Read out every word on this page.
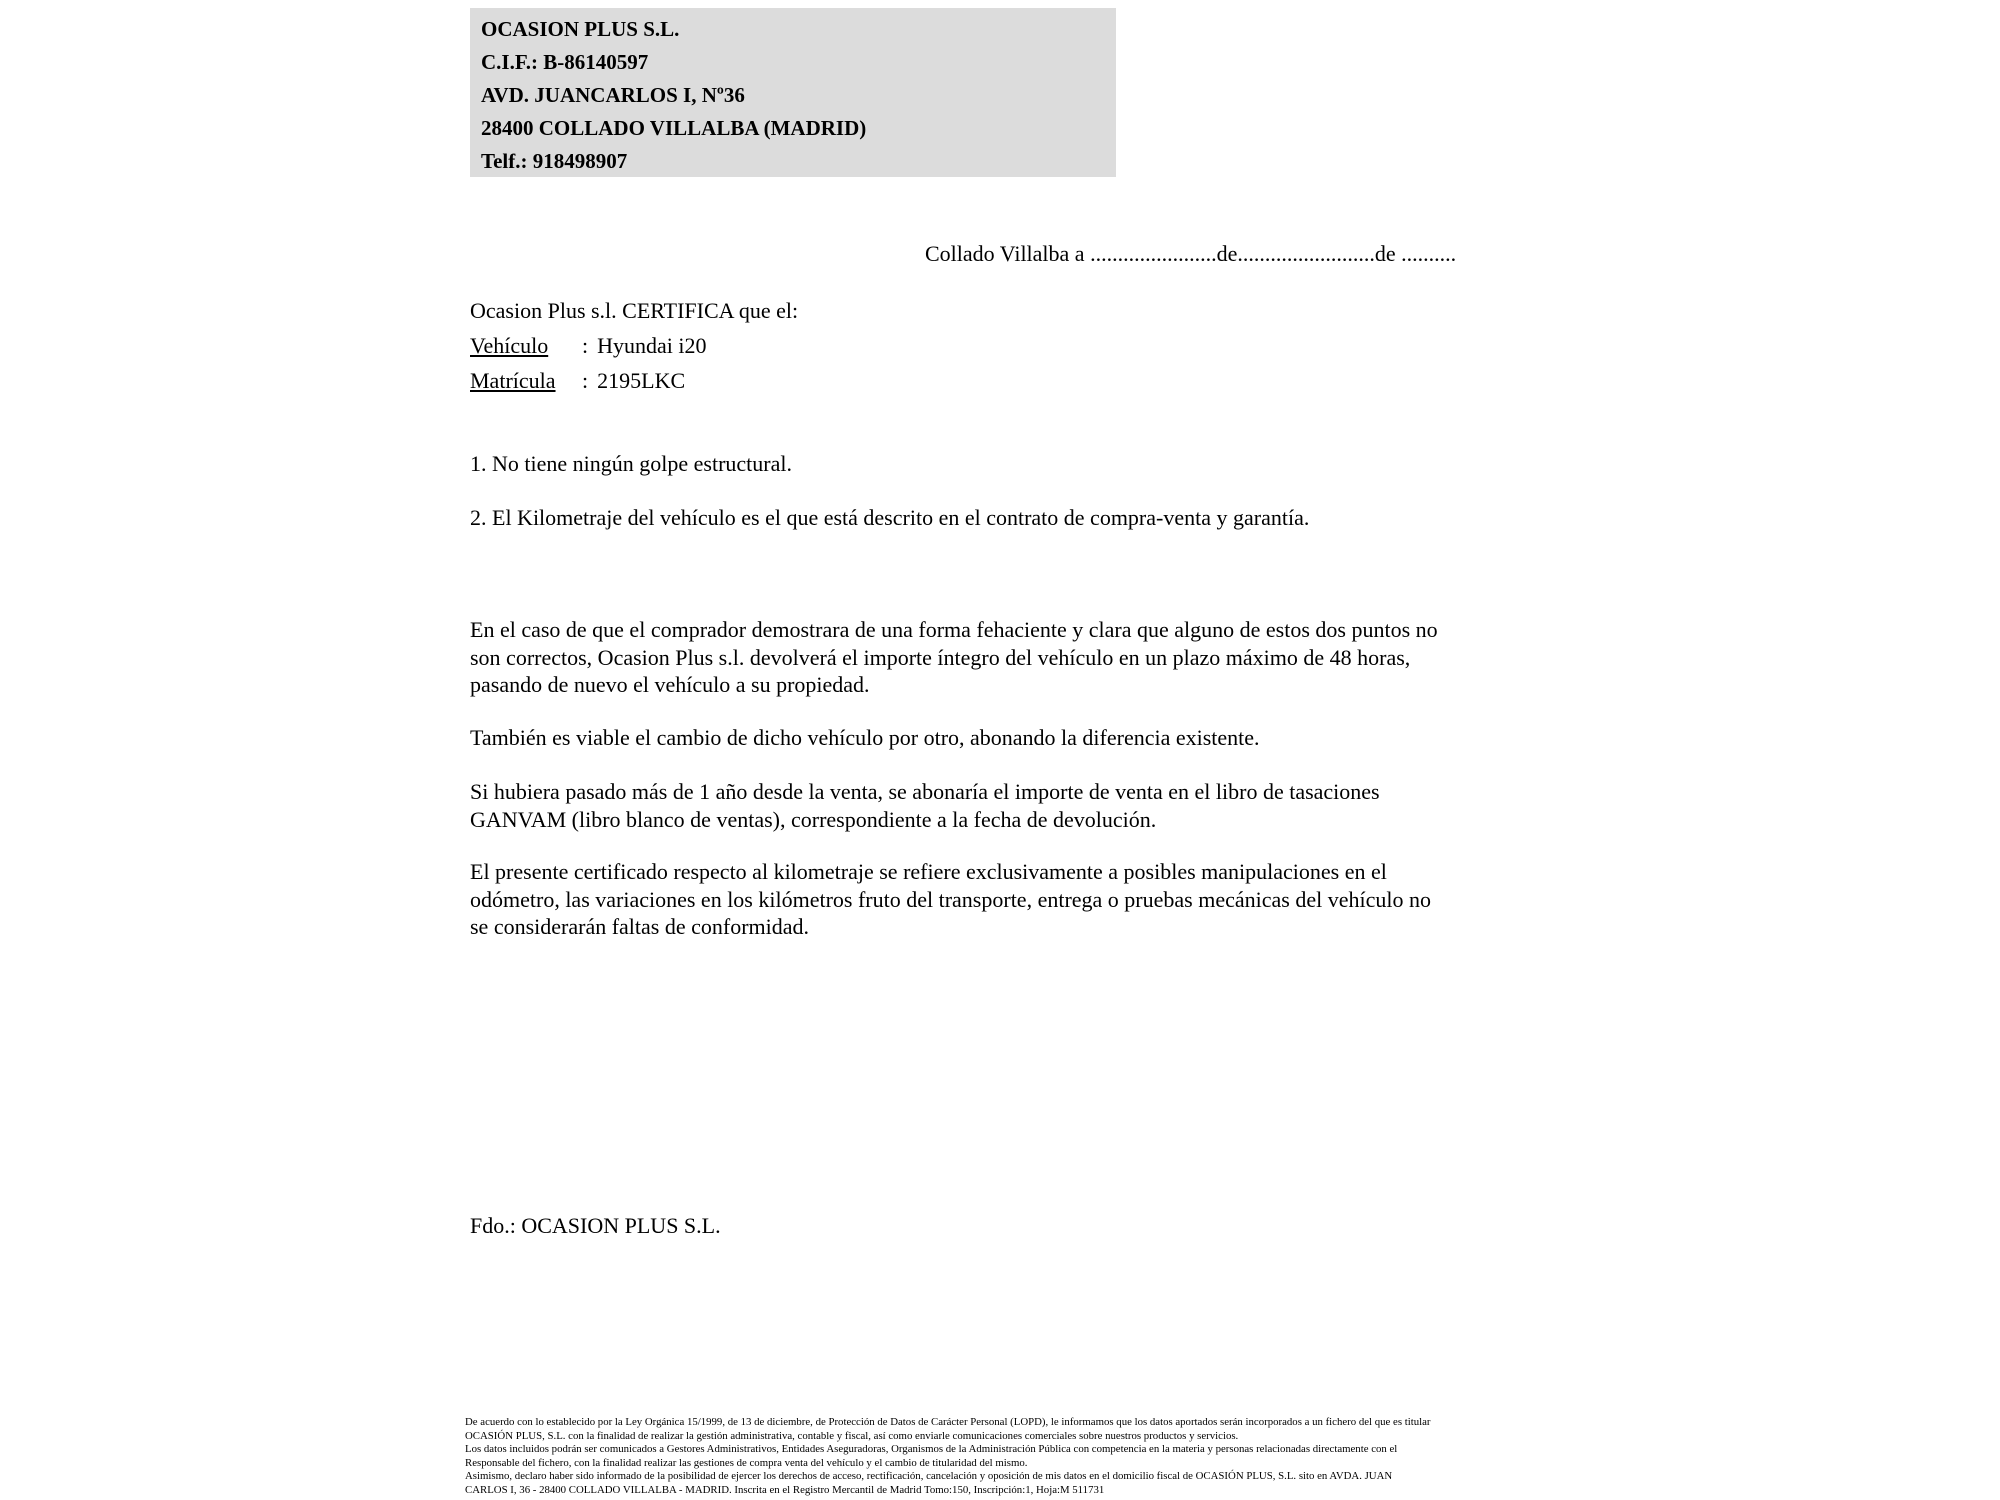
OCASION PLUS S.L.
C.I.F.: B-86140597
AVD. JUANCARLOS I, Nº36
28400 COLLADO VILLALBA (MADRID)
Telf.: 918498907
Collado Villalba a .......................de.........................de ..........
Ocasion Plus s.l. CERTIFICA que el:
Vehículo : Hyundai i20
Matrícula : 2195LKC
1. No tiene ningún golpe estructural.
2. El Kilometraje del vehículo es el que está descrito en el contrato de compra-venta y garantía.
En el caso de que el comprador demostrara de una forma fehaciente y clara que alguno de estos dos puntos no
son correctos, Ocasion Plus s.l. devolverá el importe íntegro del vehículo en un plazo máximo de 48 horas,
pasando de nuevo el vehículo a su propiedad.
También es viable el cambio de dicho vehículo por otro, abonando la diferencia existente.
Si hubiera pasado más de 1 año desde la venta, se abonaría el importe de venta en el libro de tasaciones
GANVAM (libro blanco de ventas), correspondiente a la fecha de devolución.
El presente certificado respecto al kilometraje se refiere exclusivamente a posibles manipulaciones en el
odómetro, las variaciones en los kilómetros fruto del transporte, entrega o pruebas mecánicas del vehículo no
se considerarán faltas de conformidad.
Fdo.: OCASION PLUS S.L.
De acuerdo con lo establecido por la Ley Orgánica 15/1999, de 13 de diciembre, de Protección de Datos de Carácter Personal (LOPD), le informamos que los datos aportados serán incorporados a un fichero del que es titular
OCASIÓN PLUS, S.L. con la finalidad de realizar la gestión administrativa, contable y fiscal, así como enviarle comunicaciones comerciales sobre nuestros productos y servicios.
Los datos incluidos podrán ser comunicados a Gestores Administrativos, Entidades Aseguradoras, Organismos de la Administración Pública con competencia en la materia y personas relacionadas directamente con el
Responsable del fichero, con la finalidad realizar las gestiones de compra venta del vehículo y el cambio de titularidad del mismo.
Asimismo, declaro haber sido informado de la posibilidad de ejercer los derechos de acceso, rectificación, cancelación y oposición de mis datos en el domicilio fiscal de OCASIÓN PLUS, S.L. sito en AVDA. JUAN
CARLOS I, 36 - 28400 COLLADO VILLALBA - MADRID. Inscrita en el Registro Mercantil de Madrid Tomo:150, Inscripción:1, Hoja:M 511731
